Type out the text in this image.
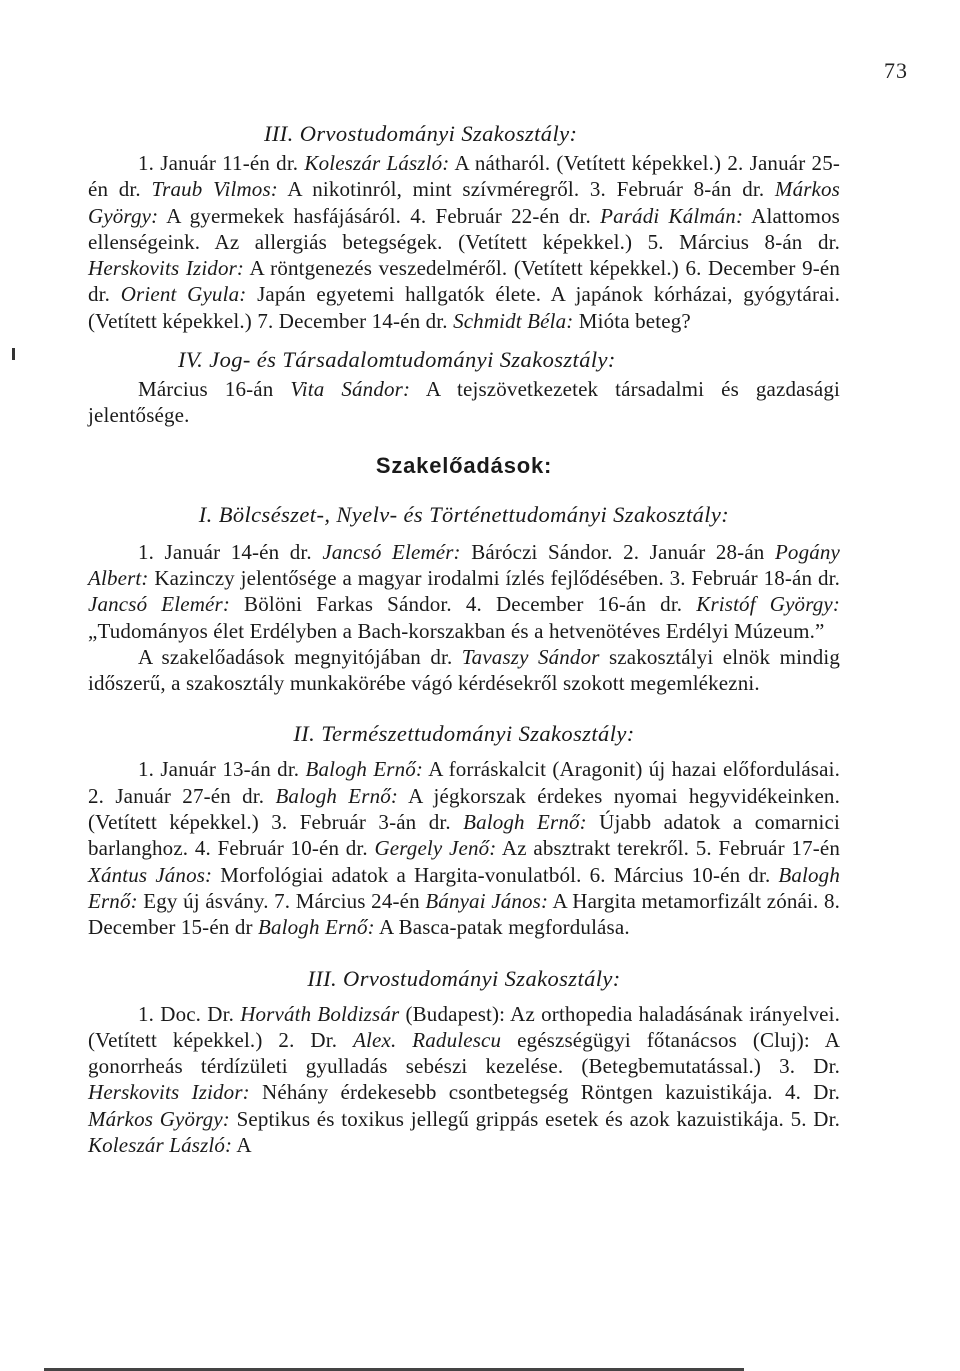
73

III. Orvostudományi Szakosztály:

1. Január 11-én dr. Koleszár László: A nátharól. (Vetített képekkel.) 2. Január 25-én dr. Traub Vilmos: A nikotinról, mint szívméregről. 3. Február 8-án dr. Márkos György: A gyermekek hasfájásáról. 4. Február 22-én dr. Parádi Kálmán: Alattomos ellenségeink. Az allergiás betegségek. (Vetített képekkel.) 5. Március 8-án dr. Herskovits Izidor: A röntgenezés veszedelméről. (Vetített képekkel.) 6. December 9-én dr. Orient Gyula: Japán egyetemi hallgatók élete. A japánok kórházai, gyógytárai. (Vetített képekkel.) 7. December 14-én dr. Schmidt Béla: Mióta beteg?

IV. Jog- és Társadalomtudományi Szakosztály:

Március 16-án Vita Sándor: A tejszövetkezetek társadalmi és gazdasági jelentősége.

Szakelőadások:

I. Bölcsészet-, Nyelv- és Történettudományi Szakosztály:

1. Január 14-én dr. Jancsó Elemér: Báróczi Sándor. 2. Január 28-án Pogány Albert: Kazinczy jelentősége a magyar irodalmi ízlés fejlődésében. 3. Február 18-án dr. Jancsó Elemér: Bölöni Farkas Sándor. 4. December 16-án dr. Kristóf György: „Tudományos élet Erdélyben a Bach-korszakban és a hetvenötéves Erdélyi Múzeum.”

A szakelőadások megnyitójában dr. Tavaszy Sándor szakosztályi elnök mindig időszerű, a szakosztály munkakörébe vágó kérdésekről szokott megemlékezni.

II. Természettudományi Szakosztály:

1. Január 13-án dr. Balogh Ernő: A forráskalcit (Aragonit) új hazai előfordulásai. 2. Január 27-én dr. Balogh Ernő: A jégkorszak érdekes nyomai hegyvidékeinken. (Vetített képekkel.) 3. Február 3-án dr. Balogh Ernő: Újabb adatok a comarnici barlanghoz. 4. Február 10-én dr. Gergely Jenő: Az absztrakt terekről. 5. Február 17-én Xántus János: Morfológiai adatok a Hargita-vonulatból. 6. Március 10-én dr. Balogh Ernő: Egy új ásvány. 7. Március 24-én Bányai János: A Hargita metamorfizált zónái. 8. December 15-én dr Balogh Ernő: A Basca-patak megfordulása.

III. Orvostudományi Szakosztály:

1. Doc. Dr. Horváth Boldizsár (Budapest): Az orthopedia haladásának irányelvei. (Vetített képekkel.) 2. Dr. Alex. Radulescu egészségügyi főtanácsos (Cluj): A gonorrheás térdízületi gyulladás sebészi kezelése. (Betegbemutatással.) 3. Dr. Herskovits Izidor: Néhány érdekesebb csontbetegség Röntgen kazuistikája. 4. Dr. Márkos György: Septikus és toxikus jellegű grippás esetek és azok kazuistikája. 5. Dr. Koleszár László: A
